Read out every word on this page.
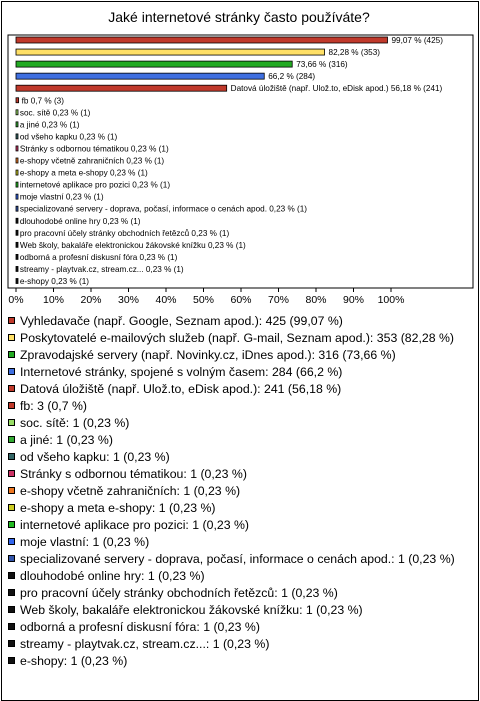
Jaké internetové stránky často používáte?
99,07 % (425)
82,28 % (353)
73,66 % (316)
66,2 % (284)
Datová úložiště (např. Ulož.to, eDisk apod.) 56,18 % (241)
fb 0,7 % (3)
soc. sítě 0,23 % (1)
a jiné 0,23 % (1)
od všeho kapku 0,23 % (1)
Stránky s odbornou tématikou 0,23 % (1)
e-shopy včetně zahraničních 0,23 % (1)
e-shopy a meta e-shopy 0,23 % (1)
internetové aplikace pro pozici 0,23 % (1)
moje vlastní 0,23 % (1)
specializované servery - doprava, počasí, informace o cenách apod. 0,23 % (1)
dlouhodobé online hry 0,23 % (1)
pro pracovní účely stránky obchodních řetězců 0,23 % (1)
Web školy, bakaláře elektronickou žákovské knížku 0,23 % (1)
odborná a profesní diskusní fóra 0,23 % (1)
streamy - playtvak.cz, stream.cz... 0,23 % (1)
e-shopy 0,23 % (1)
0% 10% 20% 30% 40% 50% 60% 70% 80% 90% 100%
Vyhledavače (např. Google, Seznam apod.): 425 (99,07 %)
Poskytovatelé e-mailových služeb (např. G-mail, Seznam apod.): 353 (82,28 %)
Zpravodajské servery (např. Novinky.cz, iDnes apod.): 316 (73,66 %)
Internetové stránky, spojené s volným časem: 284 (66,2 %)
Datová úložiště (např. Ulož.to, eDisk apod.): 241 (56,18 %)
fb: 3 (0,7 %)
soc. sítě: 1 (0,23 %)
a jiné: 1 (0,23 %)
od všeho kapku: 1 (0,23 %)
Stránky s odbornou tématikou: 1 (0,23 %)
e-shopy včetně zahraničních: 1 (0,23 %)
e-shopy a meta e-shopy: 1 (0,23 %)
internetové aplikace pro pozici: 1 (0,23 %)
moje vlastní: 1 (0,23 %)
specializované servery - doprava, počasí, informace o cenách apod.: 1 (0,23 %)
dlouhodobé online hry: 1 (0,23 %)
pro pracovní účely stránky obchodních řetězců: 1 (0,23 %)
Web školy, bakaláře elektronickou žákovské knížku: 1 (0,23 %)
odborná a profesní diskusní fóra: 1 (0,23 %)
streamy - playtvak.cz, stream.cz...: 1 (0,23 %)
e-shopy: 1 (0,23 %)
